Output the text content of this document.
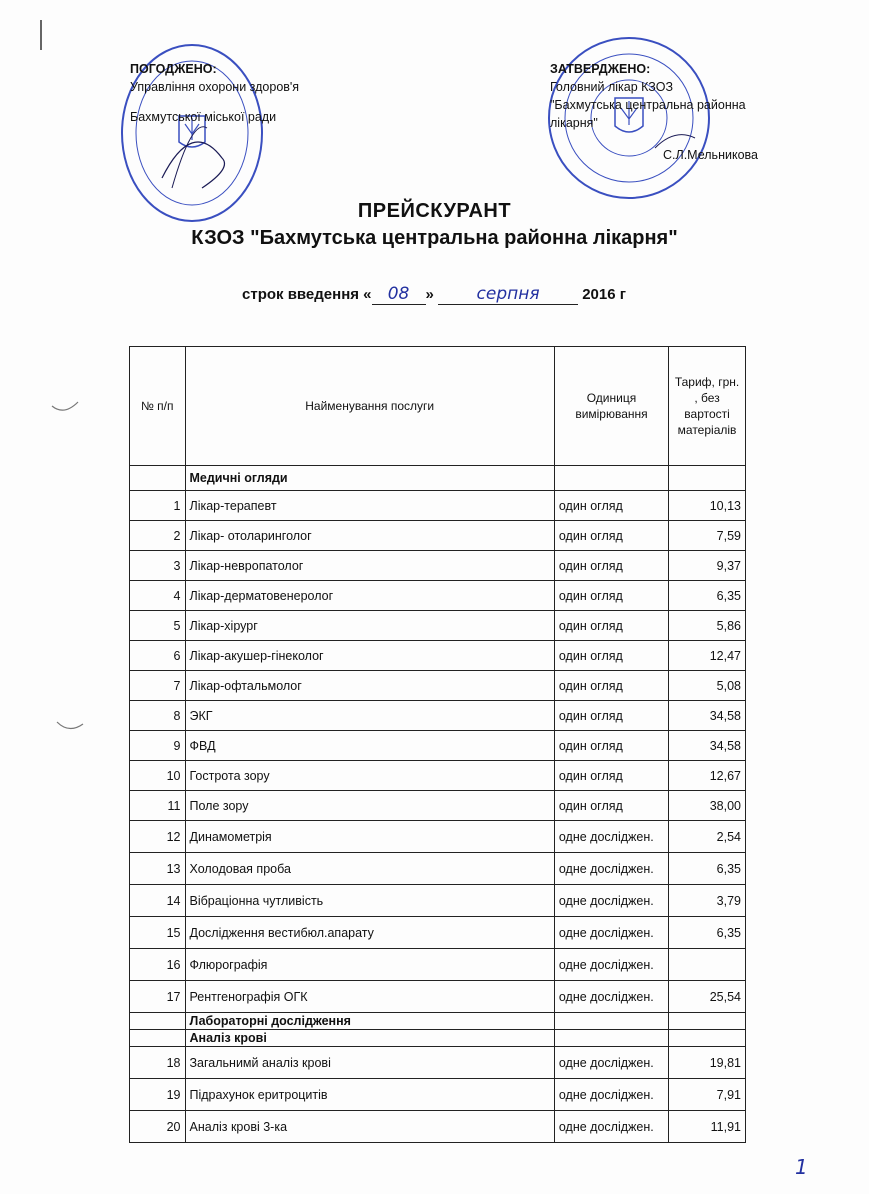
ПОГОДЖЕНО:
Управління охорони здоров'я
Бахмутської міської ради
ЗАТВЕРДЖЕНО:
Головний лікар КЗОЗ
"Бахмутська центральна районна
лікарня"
С.Л.Мельникова
ПРЕЙСКУРАНТ
КЗОЗ "Бахмутська центральна районна лікарня"
строк введення « 08 »	серпня	2016 г
№ п/п	Найменування послуги	Одиниця вимірювання	Тариф, грн. , без вартості матеріалів
	Медичні огляди		
1	Лікар-терапевт	один огляд	10,13
2	Лікар- отоларинголог	один огляд	7,59
3	Лікар-невропатолог	один огляд	9,37
4	Лікар-дерматовенеролог	один огляд	6,35
5	Лікар-хірург	один огляд	5,86
6	Лікар-акушер-гінеколог	один огляд	12,47
7	Лікар-офтальмолог	один огляд	5,08
8	ЭКГ	один огляд	34,58
9	ФВД	один огляд	34,58
10	Гострота зору	один огляд	12,67
11	Поле зору	один огляд	38,00
12	Динамометрія	одне дослiджен.	2,54
13	Холодовая проба	одне дослiджен.	6,35
14	Вібраціонна чутливість	одне дослiджен.	3,79
15	Дослідження вестибюл.апарату	одне дослiджен.	6,35
16	Флюрографія	одне дослiджен.	
17	Рентгенографія ОГК	одне дослiджен.	25,54
	Лабораторні дослідження		
	Аналіз крові		
18	Загальнимй аналіз крові	одне дослiджен.	19,81
19	Підрахунок еритроцитів	одне дослiджен.	7,91
20	Аналіз крові 3-ка	одне дослiджен.	11,91
1
